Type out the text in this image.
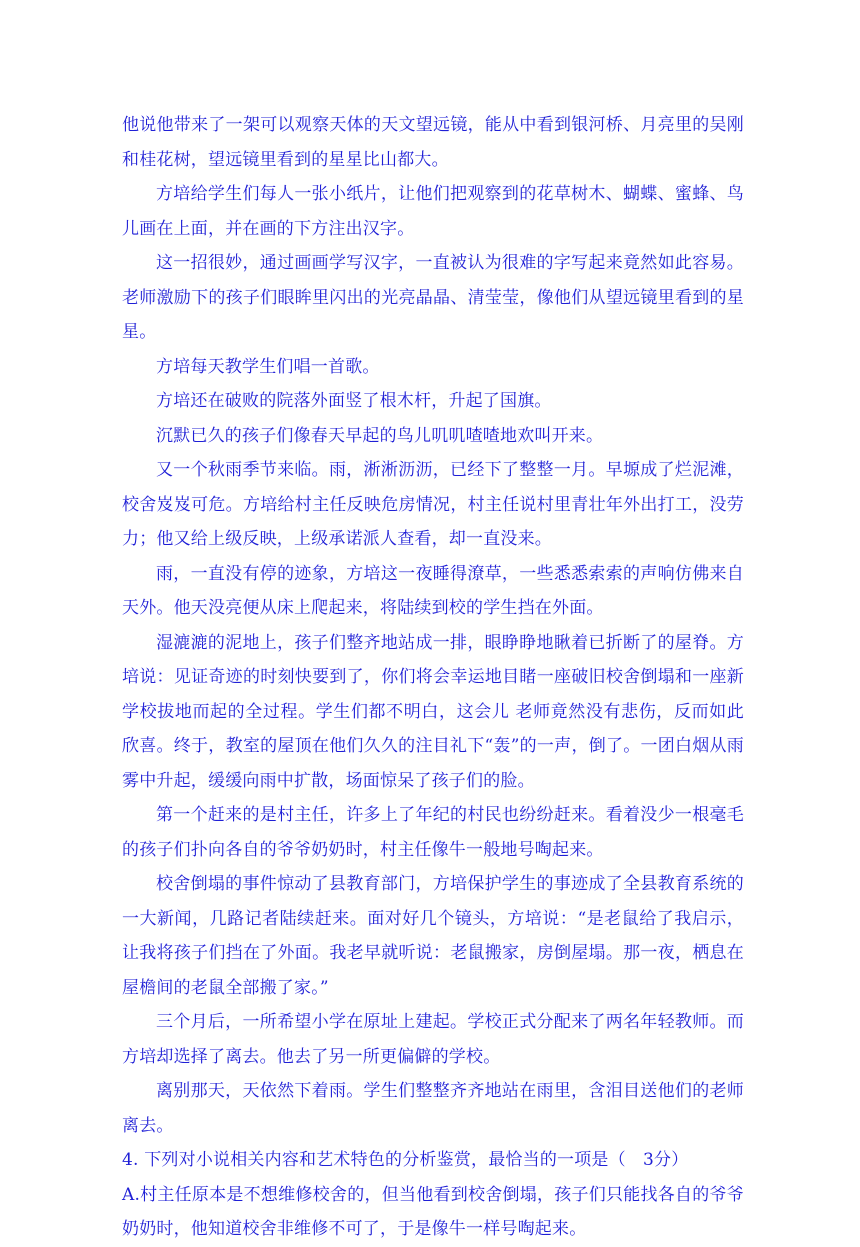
他说他带来了一架可以观察天体的天文望远镜，能从中看到银河桥、月亮里的吴刚和桂花树，望远镜里看到的星星比山都大。

方培给学生们每人一张小纸片，让他们把观察到的花草树木、蝴蝶、蜜蜂、鸟儿画在上面，并在画的下方注出汉字。

这一招很妙，通过画画学写汉字，一直被认为很难的字写起来竟然如此容易。老师激励下的孩子们眼眸里闪出的光亮晶晶、清莹莹，像他们从望远镜里看到的星星。

方培每天教学生们唱一首歌。

方培还在破败的院落外面竖了根木杆，升起了国旗。

沉默已久的孩子们像春天早起的鸟儿叽叽喳喳地欢叫开来。

又一个秋雨季节来临。雨，淅淅沥沥，已经下了整整一月。早塬成了烂泥滩，校舍岌岌可危。方培给村主任反映危房情况，村主任说村里青壮年外出打工，没劳力；他又给上级反映，上级承诺派人查看，却一直没来。

雨，一直没有停的迹象，方培这一夜睡得潦草，一些悉悉索索的声响仿佛来自天外。他天没亮便从床上爬起来，将陆续到校的学生挡在外面。

湿漉漉的泥地上，孩子们整齐地站成一排，眼睁睁地瞅着已折断了的屋脊。方培说：见证奇迹的时刻快要到了，你们将会幸运地目睹一座破旧校舍倒塌和一座新学校拔地而起的全过程。学生们都不明白，这会儿 老师竟然没有悲伤，反而如此欣喜。终于，教室的屋顶在他们久久的注目礼下“轰”的一声，倒了。一团白烟从雨雾中升起，缓缓向雨中扩散，场面惊呆了孩子们的脸。

第一个赶来的是村主任，许多上了年纪的村民也纷纷赶来。看着没少一根毫毛的孩子们扑向各自的爷爷奶奶时，村主任像牛一般地号啕起来。

校舍倒塌的事件惊动了县教育部门，方培保护学生的事迹成了全县教育系统的一大新闻，几路记者陆续赶来。面对好几个镜头，方培说：“是老鼠给了我启示，让我将孩子们挡在了外面。我老早就听说：老鼠搬家，房倒屋塌。那一夜，栖息在屋檐间的老鼠全部搬了家。”

三个月后，一所希望小学在原址上建起。学校正式分配来了两名年轻教师。而方培却选择了离去。他去了另一所更偏僻的学校。

离别那天，天依然下着雨。学生们整整齐齐地站在雨里，含泪目送他们的老师离去。

4. 下列对小说相关内容和艺术特色的分析鉴赏，最恰当的一项是（　3分）

A.村主任原本是不想维修校舍的，但当他看到校舍倒塌，孩子们只能找各自的爷爷奶奶时，他知道校舍非维修不可了，于是像牛一样号啕起来。
